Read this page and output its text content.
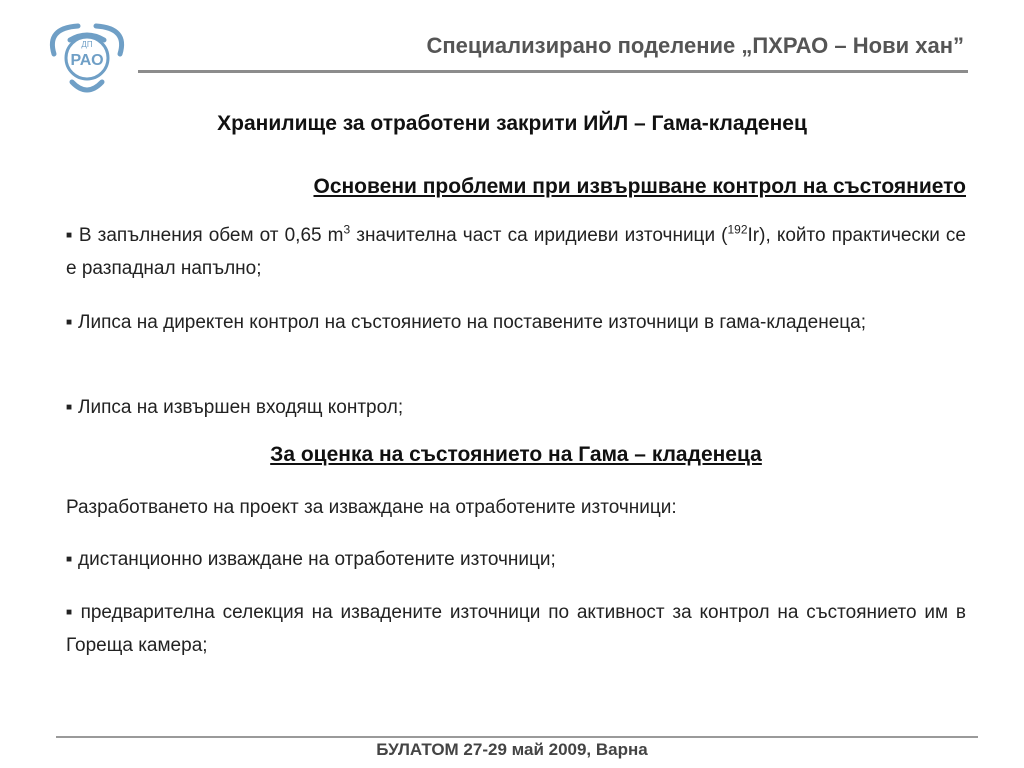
ДП
РАО
Специализирано поделение „ПХРАО – Нови хан”
Хранилище за отработени закрити ИЙЛ – Гама-кладенец
Основени проблеми при извършване контрол на състоянието
■ В запълнения обем от 0,65 $m^3$ значителна част са иридиеви източници ($^{192}$Ir), който практически се е разпаднал напълно;
■ Липса на директен контрол на състоянието на поставените източници в гама-кладенеца;
■ Липса на извършен входящ контрол;
За оценка на състоянието на Гама – кладенеца
Разработването на проект за изваждане на отработените източници:
■ дистанционно изваждане на отработените източници;
■ предварителна селекция на извадените източници по активност за контрол на състоянието им в Гореща камера;
БУЛАТОМ 27-29 май 2009, Варна
